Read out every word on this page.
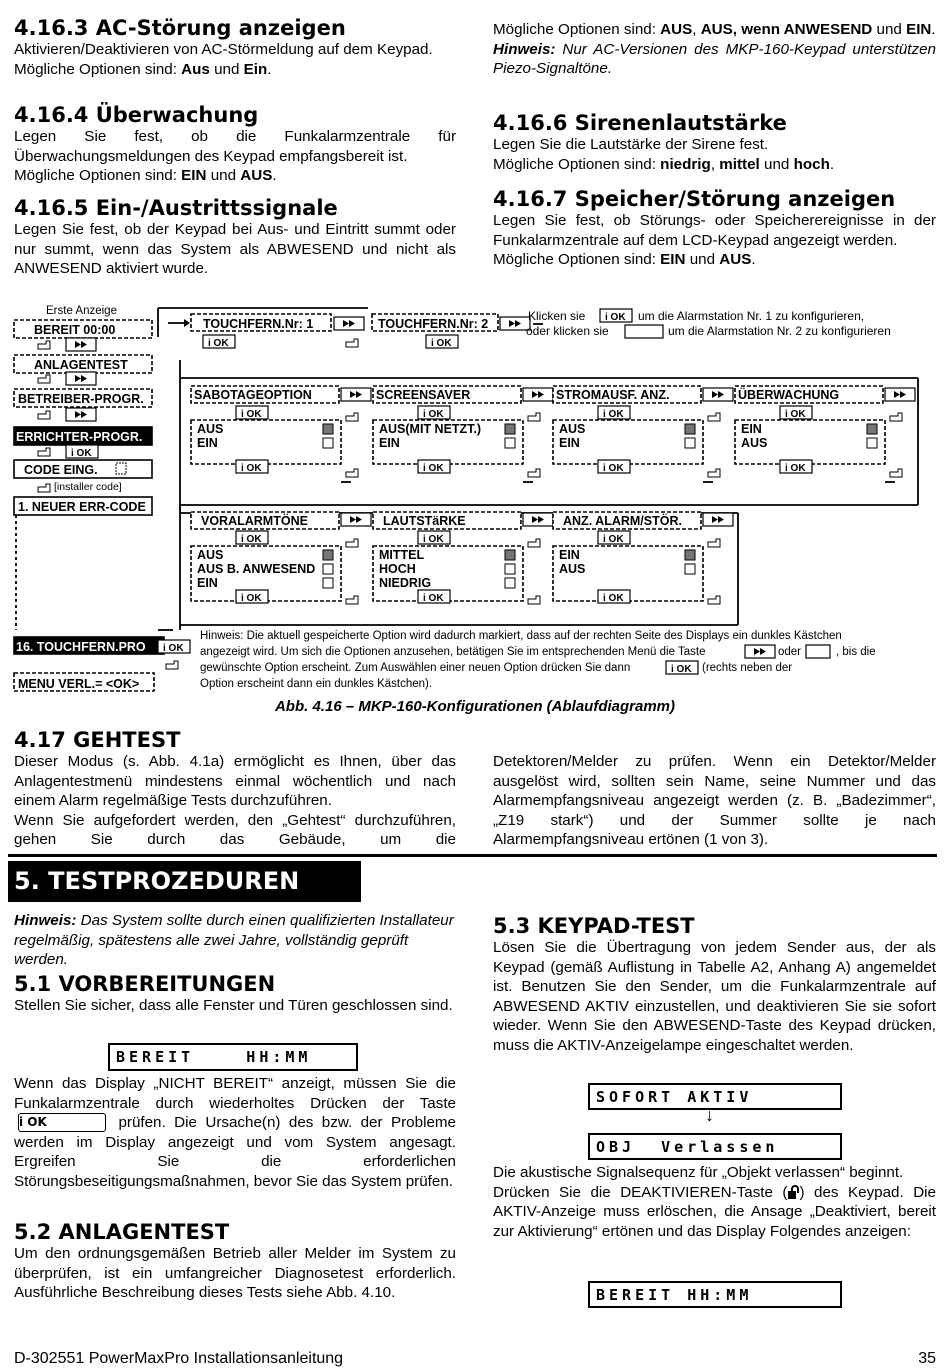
4.16.3 AC-Störung anzeigen

Aktivieren/Deaktivieren von AC-Störmeldung auf dem Keypad.

Mögliche Optionen sind: Aus und Ein.

4.16.4 Überwachung

Legen Sie fest, ob die Funkalarmzentrale für Überwachungsmeldungen des Keypad empfangsbereit ist.

Mögliche Optionen sind: EIN und AUS.

4.16.5 Ein-/Austrittssignale

Legen Sie fest, ob der Keypad bei Aus- und Eintritt summt oder nur summt, wenn das System als ABWESEND und nicht als ANWESEND aktiviert wurde.

Mögliche Optionen sind: AUS, AUS, wenn ANWESEND und EIN.

Hinweis: Nur AC-Versionen des MKP-160-Keypad unterstützen Piezo-Signaltöne.

4.16.6 Sirenenlautstärke

Legen Sie die Lautstärke der Sirene fest.

Mögliche Optionen sind: niedrig, mittel und hoch.

4.16.7 Speicher/Störung anzeigen

Legen Sie fest, ob Störungs- oder Speicherereignisse in der Funkalarmzentrale auf dem LCD-Keypad angezeigt werden.

Mögliche Optionen sind: EIN und AUS.

Erste Anzeige
BEREIT 00:00
ANLAGENTEST
BETREIBER-PROGR.
ERRICHTER-PROGR.
i OK
CODE EING.
[installer code]
1. NEUER ERR-CODE
16. TOUCHFERN.PRO i OK
MENU VERL.= <OK>
TOUCHFERN.Nr: 1	TOUCHFERN.Nr: 2
i OK	i OK
Klicken sie i OK um die Alarmstation Nr. 1 zu konfigurieren,
oder klicken sie	um die Alarmstation Nr. 2 zu konfigurieren
SABOTAGEOPTION
i OK
AUS
EIN
i OK
SCREENSAVER
i OK
AUS(MIT NETZT.)
EIN
i OK
STROMAUSF. ANZ.
i OK
AUS
EIN
i OK
ÜBERWACHUNG
i OK
EIN
AUS
i OK
VORALARMTÖNE
i OK
AUS
AUS B. ANWESEND
EIN
i OK
LAUTSTäRKE
i OK
MITTEL
HOCH
NIEDRIG
i OK
ANZ. ALARM/STÖR.
i OK
EIN
AUS
i OK
Hinweis: Die aktuell gespeicherte Option wird dadurch markiert, dass auf der rechten Seite des Displays ein dunkles Kästchen
angezeigt wird. Um sich die Optionen anzusehen, betätigen Sie im entsprechenden Menü die Taste	oder	, bis die
gewünschte Option erscheint. Zum Auswählen einer neuen Option drücken Sie dann	i OK (rechts neben der
Option erscheint dann ein dunkles Kästchen).
Abb. 4.16 – MKP-160-Konfigurationen (Ablaufdiagramm)
4.17 GEHTEST

Dieser Modus (s. Abb. 4.1a) ermöglicht es Ihnen, über das Anlagentestmenü mindestens einmal wöchentlich und nach einem Alarm regelmäßige Tests durchzuführen.

Wenn Sie aufgefordert werden, den „Gehtest“ durchzuführen, gehen Sie durch das Gebäude, um die

Detektoren/Melder zu prüfen. Wenn ein Detektor/Melder ausgelöst wird, sollten sein Name, seine Nummer und das Alarmempfangsniveau angezeigt werden (z. B. „Badezimmer“, „Z19 stark“) und der Summer sollte je nach Alarmempfangsniveau ertönen (1 von 3).

5. TESTPROZEDUREN

Hinweis: Das System sollte durch einen qualifizierten Installateur regelmäßig, spätestens alle zwei Jahre, vollständig geprüft werden.

5.1 VORBEREITUNGEN

Stellen Sie sicher, dass alle Fenster und Türen geschlossen sind.

BEREIT    HH:MM

Wenn das Display „NICHT BEREIT“ anzeigt, müssen Sie die Funkalarmzentrale durch wiederholtes Drücken der Taste i OK	prüfen. Die Ursache(n) des bzw. der Probleme werden im Display angezeigt und vom System angesagt. Ergreifen Sie die erforderlichen Störungsbeseitigungsmaßnahmen, bevor Sie das System prüfen.

5.2 ANLAGENTEST

Um den ordnungsgemäßen Betrieb aller Melder im System zu überprüfen, ist ein umfangreicher Diagnosetest erforderlich. Ausführliche Beschreibung dieses Tests siehe Abb. 4.10.

5.3 KEYPAD-TEST

Lösen Sie die Übertragung von jedem Sender aus, der als Keypad (gemäß Auflistung in Tabelle A2, Anhang A) angemeldet ist. Benutzen Sie den Sender, um die Funkalarmzentrale auf ABWESEND AKTIV einzustellen, und deaktivieren Sie sie sofort wieder. Wenn Sie den ABWESEND-Taste des Keypad drücken, muss die AKTIV-Anzeigelampe eingeschaltet werden.

SOFORT AKTIV
↓
OBJ  Verlassen

Die akustische Signalsequenz für „Objekt verlassen“ beginnt.

Drücken Sie die DEAKTIVIEREN-Taste ( ) des Keypad. Die AKTIV-Anzeige muss erlöschen, die Ansage „Deaktiviert, bereit zur Aktivierung“ ertönen und das Display Folgendes anzeigen:

BEREIT HH:MM
D-302551 PowerMaxPro Installationsanleitung	35
